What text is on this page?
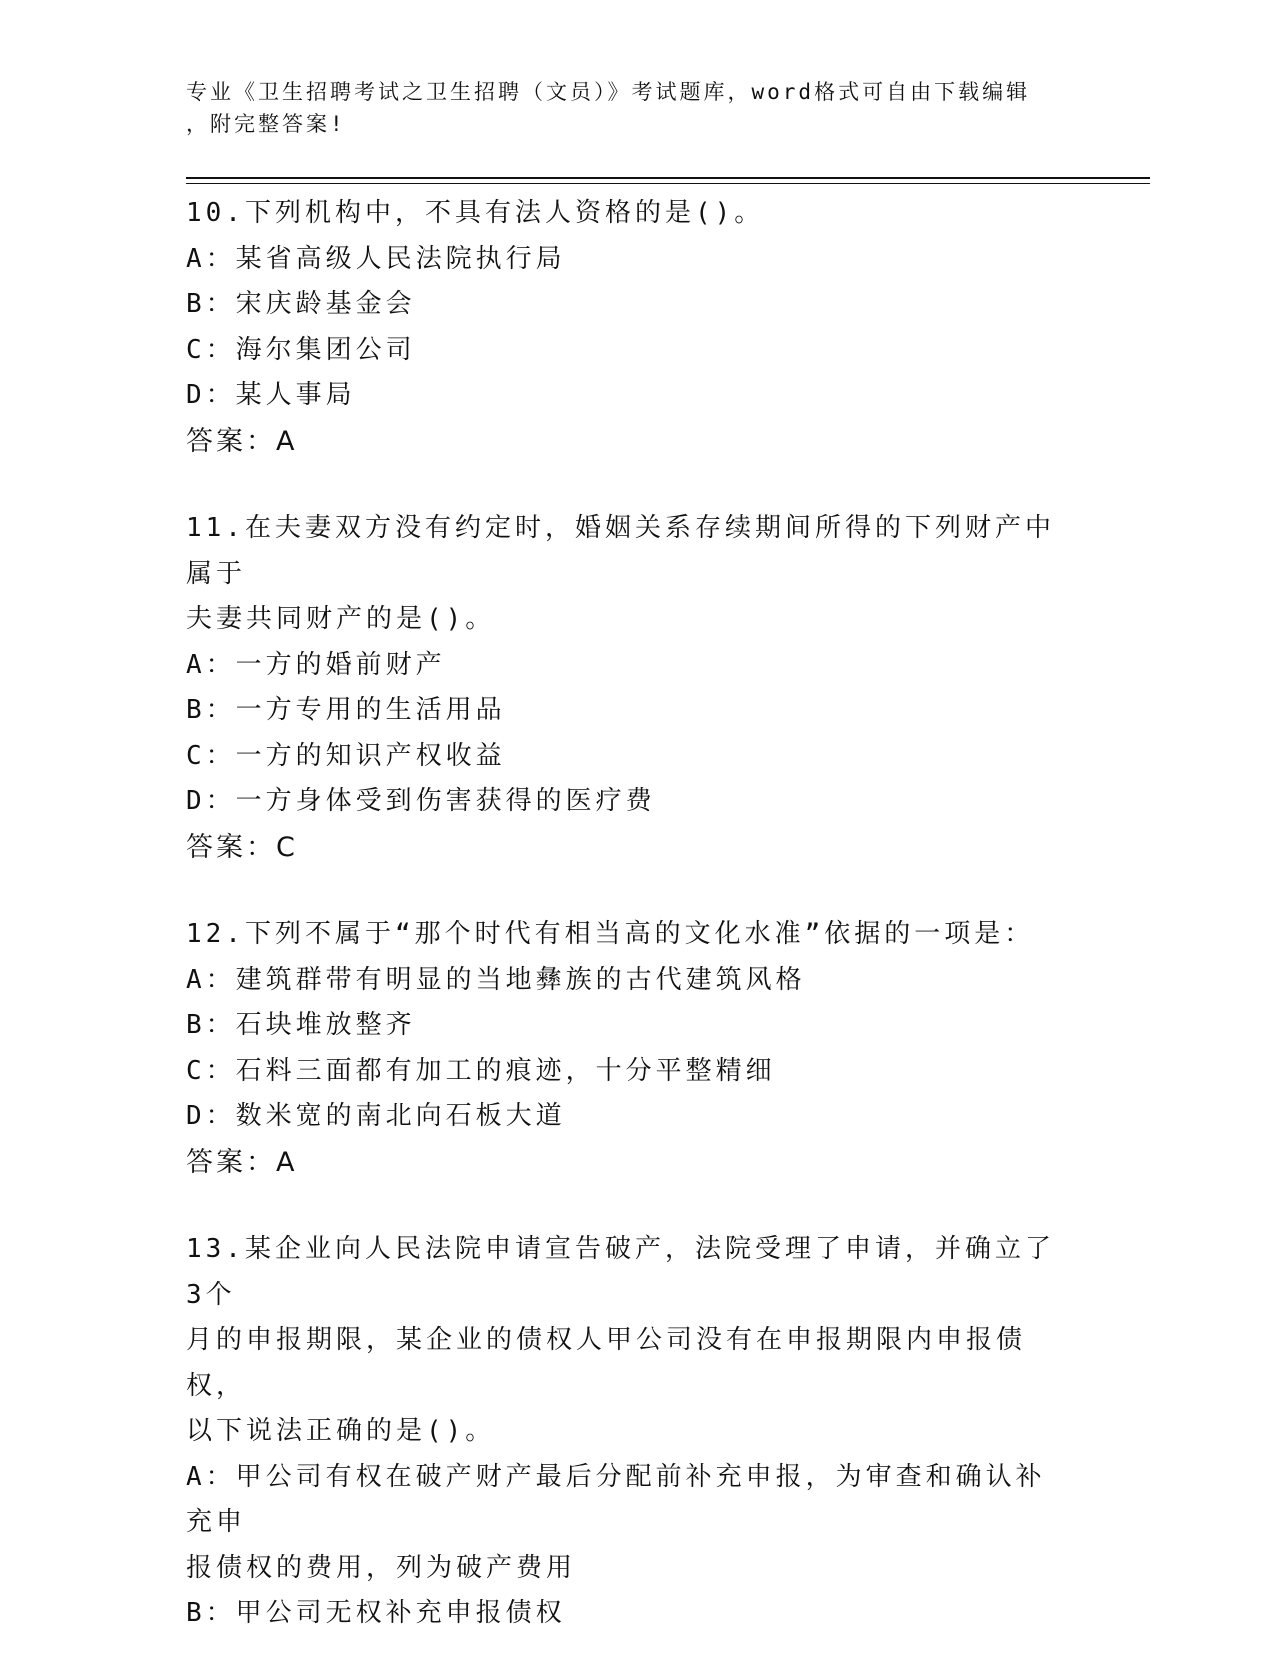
专业《卫生招聘考试之卫生招聘（文员）》考试题库，word格式可自由下载编辑
，附完整答案!
10.下列机构中，不具有法人资格的是()。
A：某省高级人民法院执行局
B：宋庆龄基金会
C：海尔集团公司
D：某人事局
答案：A
11.在夫妻双方没有约定时，婚姻关系存续期间所得的下列财产中属于
夫妻共同财产的是()。
A：一方的婚前财产
B：一方专用的生活用品
C：一方的知识产权收益
D：一方身体受到伤害获得的医疗费
答案：C
12.下列不属于“那个时代有相当高的文化水准”依据的一项是：
A：建筑群带有明显的当地彝族的古代建筑风格
B：石块堆放整齐
C：石料三面都有加工的痕迹，十分平整精细
D：数米宽的南北向石板大道
答案：A
13.某企业向人民法院申请宣告破产，法院受理了申请，并确立了3个
月的申报期限，某企业的债权人甲公司没有在申报期限内申报债权，
以下说法正确的是()。
A：甲公司有权在破产财产最后分配前补充申报，为审查和确认补充申
报债权的费用，列为破产费用
B：甲公司无权补充申报债权
